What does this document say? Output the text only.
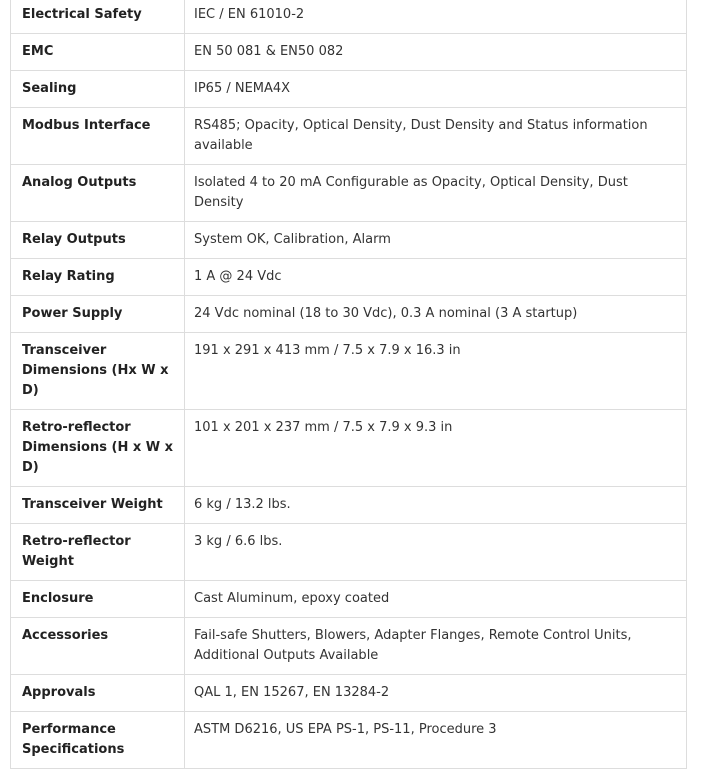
Electrical Safety	IEC / EN 61010-2
EMC	EN 50 081 & EN50 082
Sealing	IP65 / NEMA4X
Modbus Interface	RS485; Opacity, Optical Density, Dust Density and Status information available
Analog Outputs	Isolated 4 to 20 mA Configurable as Opacity, Optical Density, Dust Density
Relay Outputs	System OK, Calibration, Alarm
Relay Rating	1 A @ 24 Vdc
Power Supply	24 Vdc nominal (18 to 30 Vdc), 0.3 A nominal (3 A startup)
Transceiver Dimensions (Hx W x D)	191 x 291 x 413 mm / 7.5 x 7.9 x 16.3 in
Retro-reflector Dimensions (H x W x D)	101 x 201 x 237 mm / 7.5 x 7.9 x 9.3 in
Transceiver Weight	6 kg / 13.2 lbs.
Retro-reflector Weight	3 kg / 6.6 lbs.
Enclosure	Cast Aluminum, epoxy coated
Accessories	Fail-safe Shutters, Blowers, Adapter Flanges, Remote Control Units, Additional Outputs Available
Approvals	QAL 1, EN 15267, EN 13284-2
Performance Specifications	ASTM D6216, US EPA PS-1, PS-11, Procedure 3
